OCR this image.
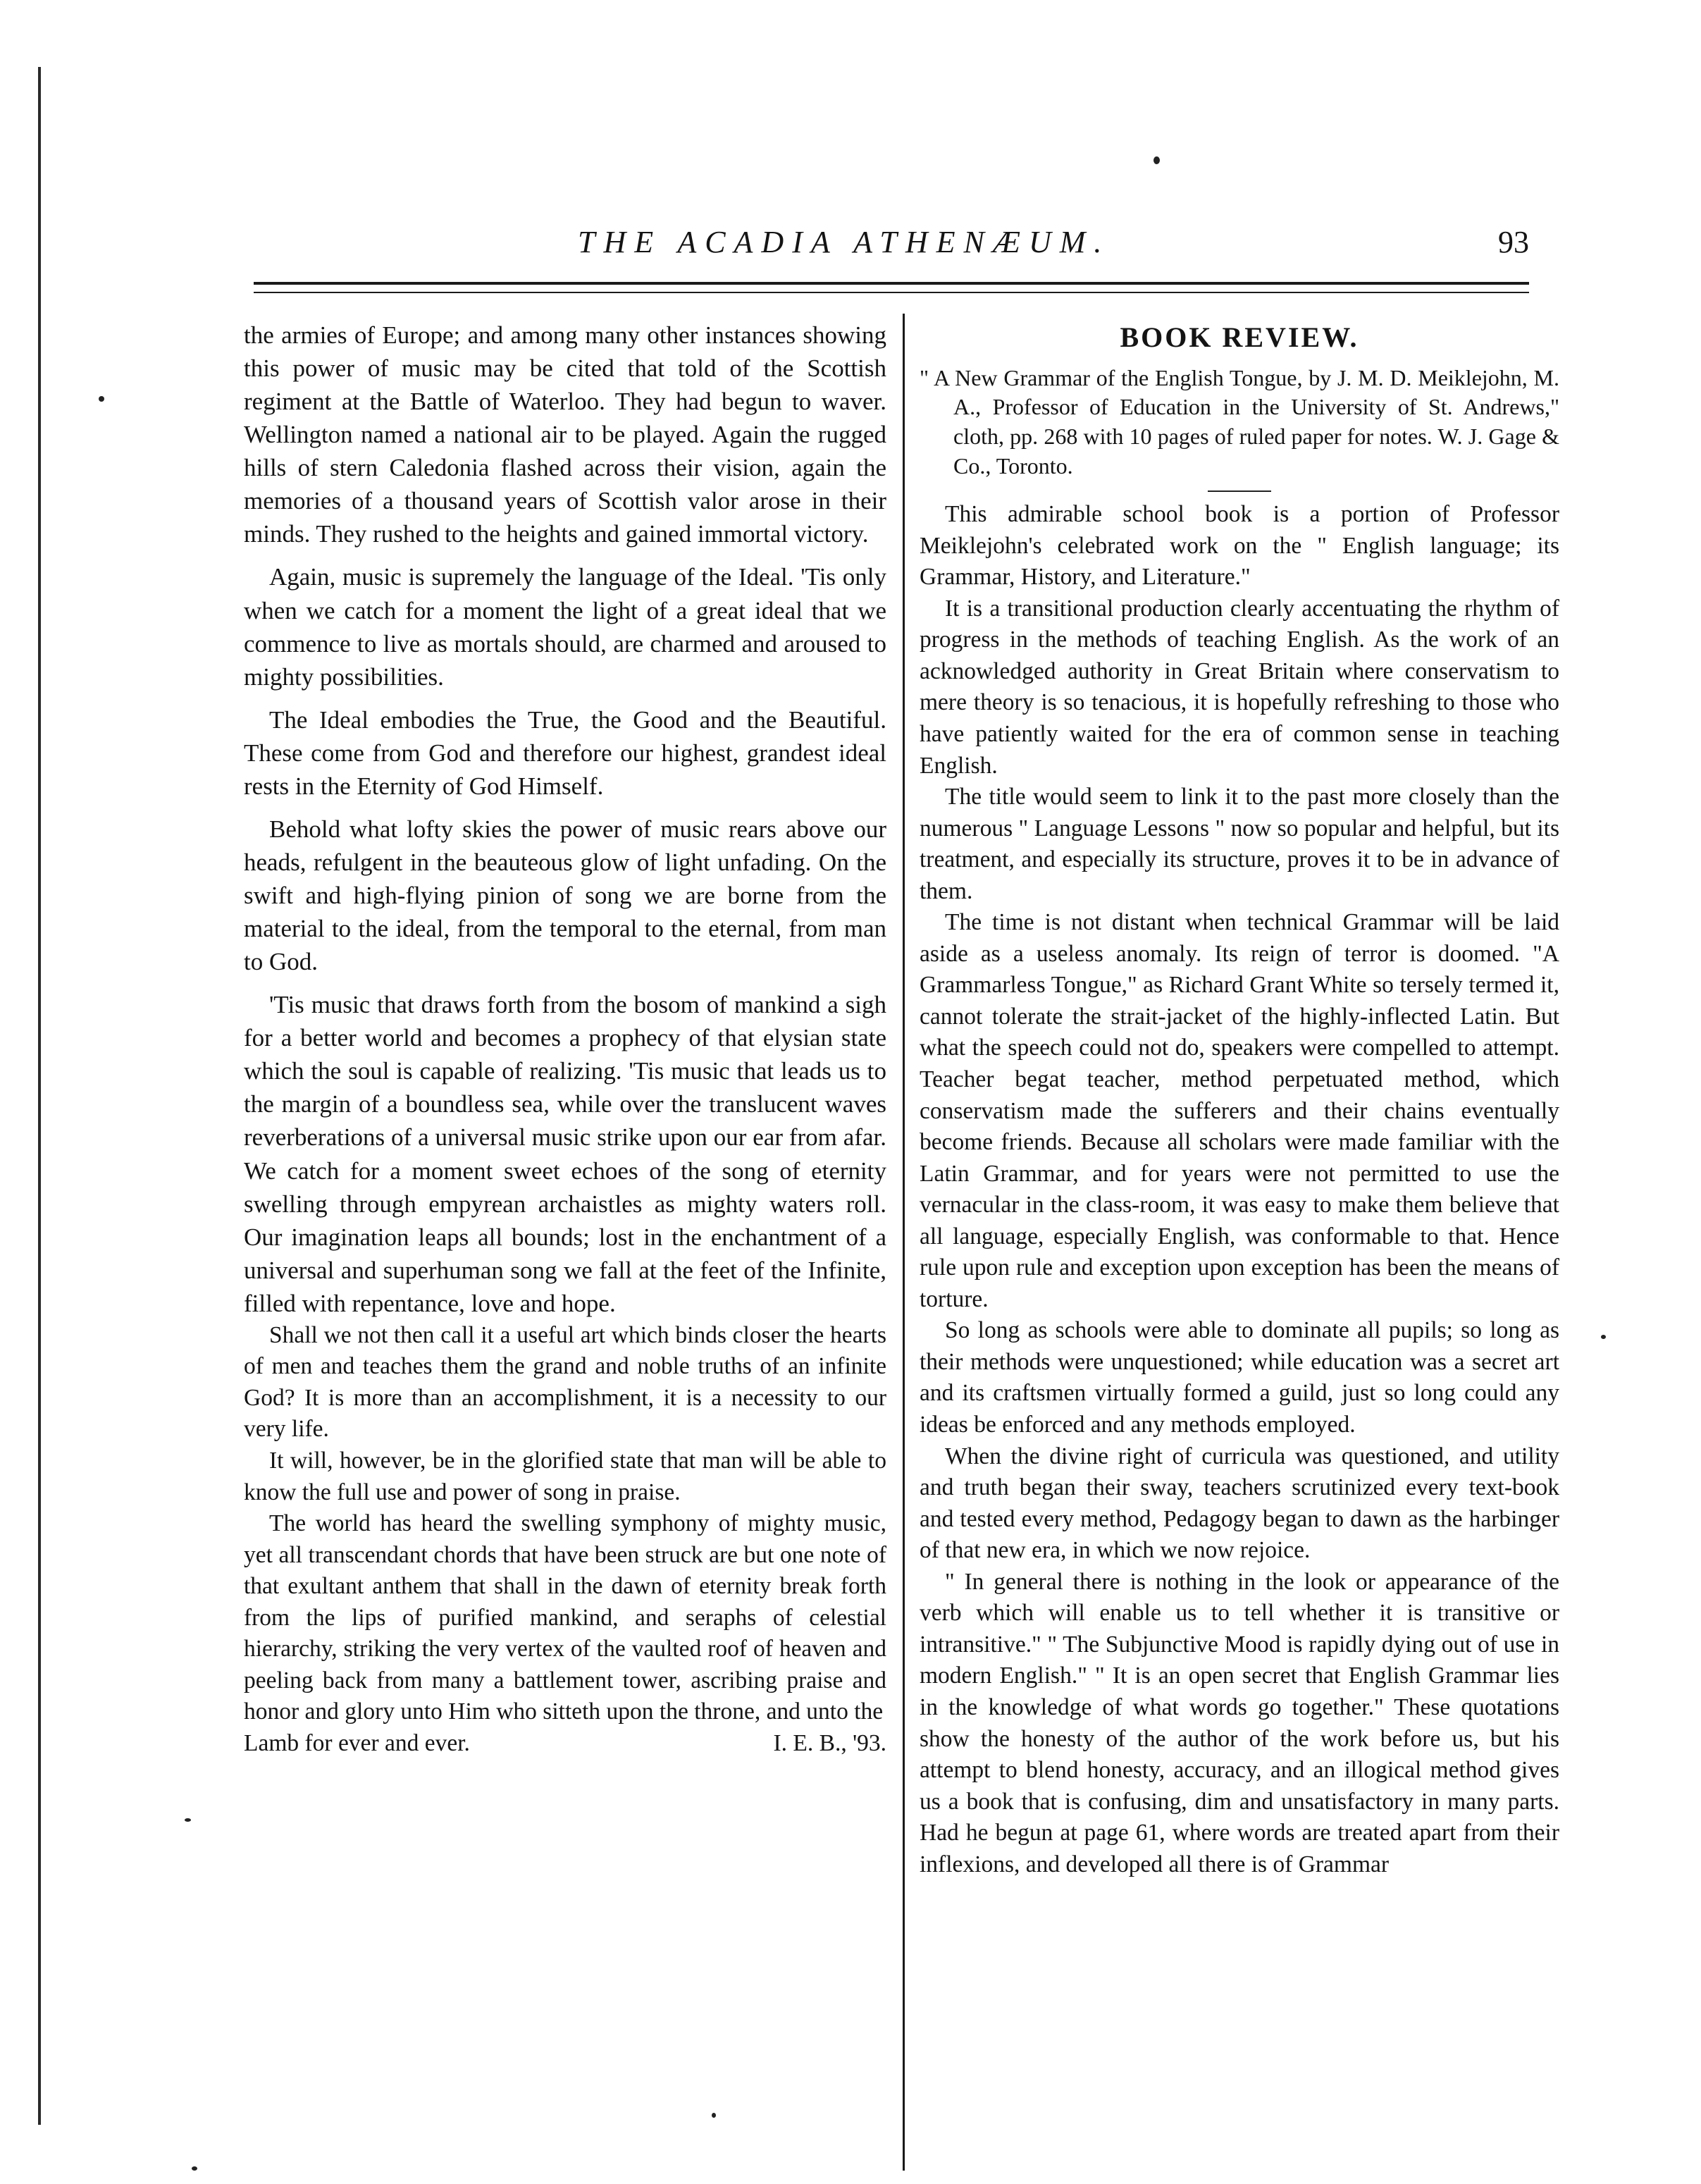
THE ACADIA ATHENÆUM.	93

the armies of Europe; and among many other instances showing this power of music may be cited that told of the Scottish regiment at the Battle of Waterloo. They had begun to waver. Wellington named a national air to be played. Again the rugged hills of stern Caledonia flashed across their vision, again the memories of a thousand years of Scottish valor arose in their minds. They rushed to the heights and gained immortal victory.

Again, music is supremely the language of the Ideal. 'Tis only when we catch for a moment the light of a great ideal that we commence to live as mortals should, are charmed and aroused to mighty possibilities.

The Ideal embodies the True, the Good and the Beautiful. These come from God and therefore our highest, grandest ideal rests in the Eternity of God Himself.

Behold what lofty skies the power of music rears above our heads, refulgent in the beauteous glow of light unfading. On the swift and high-flying pinion of song we are borne from the material to the ideal, from the temporal to the eternal, from man to God.

'Tis music that draws forth from the bosom of mankind a sigh for a better world and becomes a prophecy of that elysian state which the soul is capable of realizing. 'Tis music that leads us to the margin of a boundless sea, while over the translucent waves reverberations of a universal music strike upon our ear from afar. We catch for a moment sweet echoes of the song of eternity swelling through empyrean archaistles as mighty waters roll. Our imagination leaps all bounds; lost in the enchantment of a universal and superhuman song we fall at the feet of the Infinite, filled with repentance, love and hope.

Shall we not then call it a useful art which binds closer the hearts of men and teaches them the grand and noble truths of an infinite God? It is more than an accomplishment, it is a necessity to our very life.

It will, however, be in the glorified state that man will be able to know the full use and power of song in praise.

The world has heard the swelling symphony of mighty music, yet all transcendant chords that have been struck are but one note of that exultant anthem that shall in the dawn of eternity break forth from the lips of purified mankind, and seraphs of celestial hierarchy, striking the very vertex of the vaulted roof of heaven and peeling back from many a battlement tower, ascribing praise and honor and glory unto Him who sitteth upon the throne, and unto the

Lamb for ever and ever.	I. E. B., '93.
BOOK REVIEW.
" A New Grammar of the English Tongue, by J. M. D. Meiklejohn, M. A., Professor of Education in the University of St. Andrews," cloth, pp. 268 with 10 pages of ruled paper for notes. W. J. Gage & Co., Toronto.

This admirable school book is a portion of Professor Meiklejohn's celebrated work on the " English language; its Grammar, History, and Literature."

It is a transitional production clearly accentuating the rhythm of progress in the methods of teaching English. As the work of an acknowledged authority in Great Britain where conservatism to mere theory is so tenacious, it is hopefully refreshing to those who have patiently waited for the era of common sense in teaching English.

The title would seem to link it to the past more closely than the numerous " Language Lessons " now so popular and helpful, but its treatment, and especially its structure, proves it to be in advance of them.

The time is not distant when technical Grammar will be laid aside as a useless anomaly. Its reign of terror is doomed. "A Grammarless Tongue," as Richard Grant White so tersely termed it, cannot tolerate the strait-jacket of the highly-inflected Latin. But what the speech could not do, speakers were compelled to attempt. Teacher begat teacher, method perpetuated method, which conservatism made the sufferers and their chains eventually become friends. Because all scholars were made familiar with the Latin Grammar, and for years were not permitted to use the vernacular in the class-room, it was easy to make them believe that all language, especially English, was conformable to that. Hence rule upon rule and exception upon exception has been the means of torture.

So long as schools were able to dominate all pupils; so long as their methods were unquestioned; while education was a secret art and its craftsmen virtually formed a guild, just so long could any ideas be enforced and any methods employed.

When the divine right of curricula was questioned, and utility and truth began their sway, teachers scrutinized every text-book and tested every method, Pedagogy began to dawn as the harbinger of that new era, in which we now rejoice.

" In general there is nothing in the look or appearance of the verb which will enable us to tell whether it is transitive or intransitive." " The Subjunctive Mood is rapidly dying out of use in modern English." " It is an open secret that English Grammar lies in the knowledge of what words go together." These quotations show the honesty of the author of the work before us, but his attempt to blend honesty, accuracy, and an illogical method gives us a book that is confusing, dim and unsatisfactory in many parts. Had he begun at page 61, where words are treated apart from their inflexions, and developed all there is of Grammar
